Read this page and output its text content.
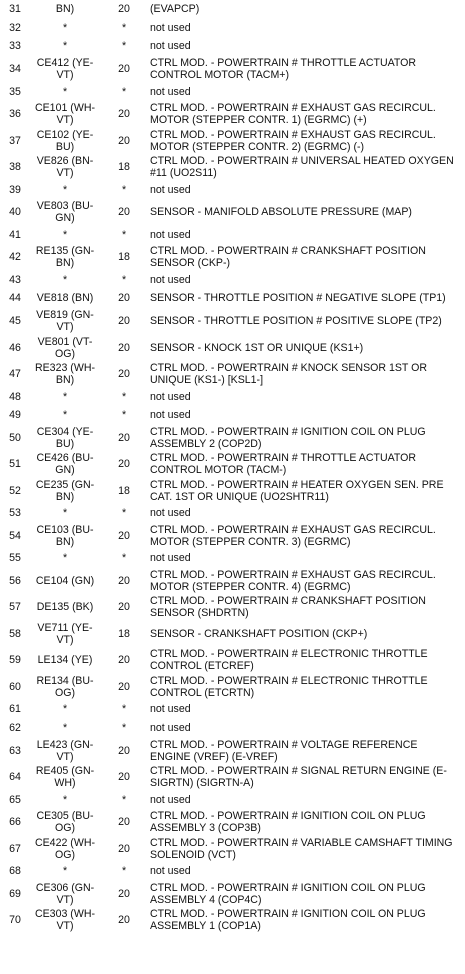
31	BN)	20	(EVAPCP)
32	*	*	not used
33	*	*	not used
34	CE412 (YE-VT)	20	CTRL MOD. - POWERTRAIN # THROTTLE ACTUATOR CONTROL MOTOR (TACM+)
35	*	*	not used
36	CE101 (WH-VT)	20	CTRL MOD. - POWERTRAIN # EXHAUST GAS RECIRCUL. MOTOR (STEPPER CONTR. 1) (EGRMC) (+)
37	CE102 (YE-BU)	20	CTRL MOD. - POWERTRAIN # EXHAUST GAS RECIRCUL. MOTOR (STEPPER CONTR. 2) (EGRMC) (-)
38	VE826 (BN-VT)	18	CTRL MOD. - POWERTRAIN # UNIVERSAL HEATED OXYGEN #11 (UO2S11)
39	*	*	not used
40	VE803 (BU-GN)	20	SENSOR - MANIFOLD ABSOLUTE PRESSURE (MAP)
41	*	*	not used
42	RE135 (GN-BN)	18	CTRL MOD. - POWERTRAIN # CRANKSHAFT POSITION SENSOR (CKP-)
43	*	*	not used
44	VE818 (BN)	20	SENSOR - THROTTLE POSITION # NEGATIVE SLOPE (TP1)
45	VE819 (GN-VT)	20	SENSOR - THROTTLE POSITION # POSITIVE SLOPE (TP2)
46	VE801 (VT-OG)	20	SENSOR - KNOCK 1ST OR UNIQUE (KS1+)
47	RE323 (WH-BN)	20	CTRL MOD. - POWERTRAIN # KNOCK SENSOR 1ST OR UNIQUE (KS1-) [KSL1-]
48	*	*	not used
49	*	*	not used
50	CE304 (YE-BU)	20	CTRL MOD. - POWERTRAIN # IGNITION COIL ON PLUG ASSEMBLY 2 (COP2D)
51	CE426 (BU-GN)	20	CTRL MOD. - POWERTRAIN # THROTTLE ACTUATOR CONTROL MOTOR (TACM-)
52	CE235 (GN-BN)	18	CTRL MOD. - POWERTRAIN # HEATER OXYGEN SEN. PRE CAT. 1ST OR UNIQUE (UO2SHTR11)
53	*	*	not used
54	CE103 (BU-BN)	20	CTRL MOD. - POWERTRAIN # EXHAUST GAS RECIRCUL. MOTOR (STEPPER CONTR. 3) (EGRMC)
55	*	*	not used
56	CE104 (GN)	20	CTRL MOD. - POWERTRAIN # EXHAUST GAS RECIRCUL. MOTOR (STEPPER CONTR. 4) (EGRMC)
57	DE135 (BK)	20	CTRL MOD. - POWERTRAIN # CRANKSHAFT POSITION SENSOR (SHDRTN)
58	VE711 (YE-VT)	18	SENSOR - CRANKSHAFT POSITION (CKP+)
59	LE134 (YE)	20	CTRL MOD. - POWERTRAIN # ELECTRONIC THROTTLE CONTROL (ETCREF)
60	RE134 (BU-OG)	20	CTRL MOD. - POWERTRAIN # ELECTRONIC THROTTLE CONTROL (ETCRTN)
61	*	*	not used
62	*	*	not used
63	LE423 (GN-VT)	20	CTRL MOD. - POWERTRAIN # VOLTAGE REFERENCE ENGINE (VREF) (E-VREF)
64	RE405 (GN-WH)	20	CTRL MOD. - POWERTRAIN # SIGNAL RETURN ENGINE (E-SIGRTN) (SIGRTN-A)
65	*	*	not used
66	CE305 (BU-OG)	20	CTRL MOD. - POWERTRAIN # IGNITION COIL ON PLUG ASSEMBLY 3 (COP3B)
67	CE422 (WH-OG)	20	CTRL MOD. - POWERTRAIN # VARIABLE CAMSHAFT TIMING SOLENOID (VCT)
68	*	*	not used
69	CE306 (GN-VT)	20	CTRL MOD. - POWERTRAIN # IGNITION COIL ON PLUG ASSEMBLY 4 (COP4C)
70	CE303 (WH-VT)	20	CTRL MOD. - POWERTRAIN # IGNITION COIL ON PLUG ASSEMBLY 1 (COP1A)
